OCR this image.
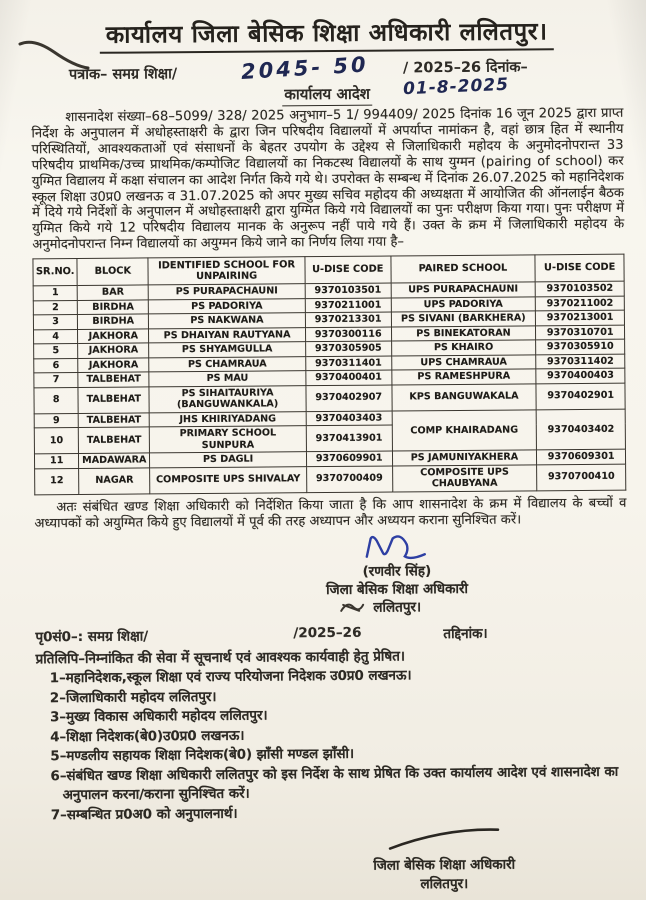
कार्यालय जिला बेसिक शिक्षा अधिकारी ललितपुर।
पत्रांक– समग्र शिक्षा/	2045- 50 / 2025–26 दिनांक– 01-8-2025
कार्यालय आदेश
शासनादेश संख्या–68–5099/ 328/ 2025 अनुभाग–5 1/ 994409/ 2025 दिनांक 16 जून 2025 द्वारा प्राप्त निर्देश के अनुपालन में अधोहस्ताक्षरी के द्वारा जिन परिषदीय विद्यालयों में अपर्याप्त नामांकन है, वहां छात्र हित में स्थानीय परिस्थितियों, आवश्यकताओं एवं संसाधनों के बेहतर उपयोग के उद्देश्य से जिलाधिकारी महोदय के अनुमोदनोपरान्त 33 परिषदीय प्राथमिक/उच्च प्राथमिक/कम्पोजिट विद्यालयों का निकटस्थ विद्यालयों के साथ युग्मन (pairing of school) कर युग्मित विद्यालय में कक्षा संचालन का आदेश निर्गत किये गये थे। उपरोक्त के सम्बन्ध में दिनांक 26.07.2025 को महानिदेशक स्कूल शिक्षा उ0प्र0 लखनऊ व 31.07.2025 को अपर मुख्य सचिव महोदय की अध्यक्षता में आयोजित की ऑनलाईन बैठक में दिये गये निर्देशों के अनुपालन में अधोहस्ताक्षरी द्वारा युग्मित किये गये विद्यालयों का पुनः परीक्षण किया गया। पुनः परीक्षण में युग्मित किये गये 12 परिषदीय विद्यालय मानक के अनुरूप नहीं पाये गये हैं। उक्त के क्रम में जिलाधिकारी महोदय के अनुमोदनोपरान्त निम्न विद्यालयों का अयुग्मन किये जाने का निर्णय लिया गया है–
SR.NO.	BLOCK	IDENTIFIED SCHOOL FOR UNPAIRING	U-DISE CODE	PAIRED SCHOOL	U-DISE CODE
1	BAR	PS PURAPACHAUNI	9370103501	UPS PURAPACHAUNI	9370103502
2	BIRDHA	PS PADORIYA	9370211001	UPS PADORIYA	9370211002
3	BIRDHA	PS NAKWANA	9370213301	PS SIVANI (BARKHERA)	9370213001
4	JAKHORA	PS DHAIYAN RAUTYANA	9370300116	PS BINEKATORAN	9370310701
5	JAKHORA	PS SHYAMGULLA	9370305905	PS KHAIRO	9370305910
6	JAKHORA	PS CHAMRAUA	9370311401	UPS CHAMRAUA	9370311402
7	TALBEHAT	PS MAU	9370400401	PS RAMESHPURA	9370400403
8	TALBEHAT	PS SIHAITAURIYA (BANGUWANKALA)	9370402907	KPS BANGUWAKALA	9370402901
9	TALBEHAT	JHS KHIRIYADANG	9370403403	COMP KHAIRADANG	9370403402
10	TALBEHAT	PRIMARY SCHOOL SUNPURA	9370413901		
11	MADAWARA	PS DAGLI	9370609901	PS JAMUNIYAKHERA	9370609301
12	NAGAR	COMPOSITE UPS SHIVALAY	9370700409	COMPOSITE UPS CHAUBYANA	9370700410
अतः संबंधित खण्ड शिक्षा अधिकारी को निर्देशित किया जाता है कि आप शासनादेश के क्रम में विद्यालय के बच्चों व अध्यापकों को अयुग्मित किये हुए विद्यालयों में पूर्व की तरह अध्यापन और अध्ययन कराना सुनिश्चित करें।
(रणवीर सिंह)
जिला बेसिक शिक्षा अधिकारी
ललितपुर।
पृ0सं0–: समग्र शिक्षा/	/2025–26	तद्दिनांक।
प्रतिलिपि–निम्नांकित की सेवा में सूचनार्थ एवं आवश्यक कार्यवाही हेतु प्रेषित।
1–महानिदेशक,स्कूल शिक्षा एवं राज्य परियोजना निदेशक उ0प्र0 लखनऊ।
2–जिलाधिकारी महोदय ललितपुर।
3–मुख्य विकास अधिकारी महोदय ललितपुर।
4–शिक्षा निदेशक(बे0)उ0प्र0 लखनऊ।
5–मण्डलीय सहायक शिक्षा निदेशक(बे0) झाँसी मण्डल झाँसी।
6–संबंधित खण्ड शिक्षा अधिकारी ललितपुर को इस निर्देश के साथ प्रेषित कि उक्त कार्यालय आदेश एवं शासनादेश का अनुपालन करना/कराना सुनिश्चित करें।
7–सम्बन्धित प्र0अ0 को अनुपालनार्थ।
जिला बेसिक शिक्षा अधिकारी
ललितपुर।
